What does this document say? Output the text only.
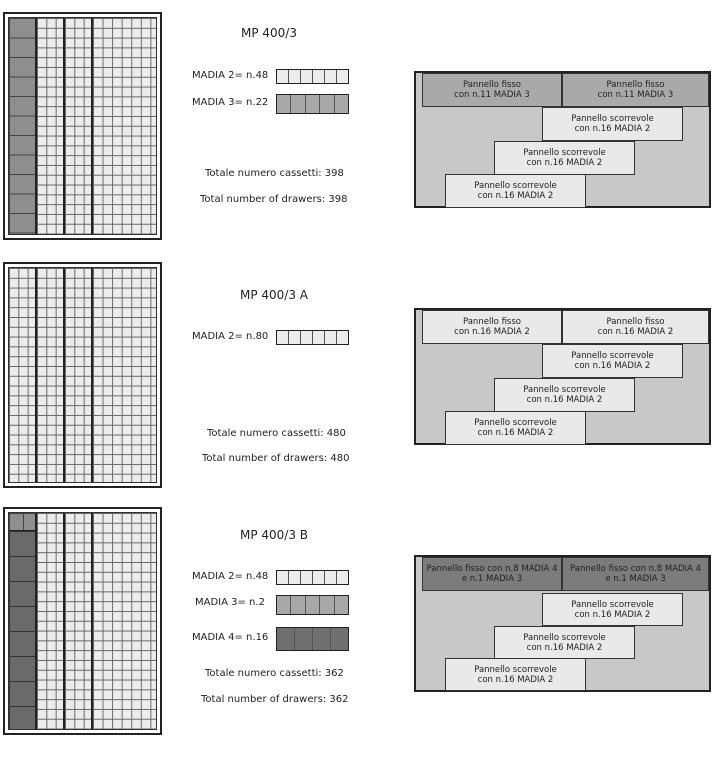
MP 400/3
MADIA 2= n.48
MADIA 3= n.22
Totale numero cassetti: 398
Total number of drawers: 398
Pannello fisso
con n.11 MADIA 3
Pannello fisso
con n.11 MADIA 3
Pannello scorrevole
con n.16 MADIA 2
Pannello scorrevole
con n.16 MADIA 2
Pannello scorrevole
con n.16 MADIA 2
MP 400/3 A
MADIA 2= n.80
Totale numero cassetti: 480
Total number of drawers: 480
Pannello fisso
con n.16 MADIA 2
Pannello fisso
con n.16 MADIA 2
Pannello scorrevole
con n.16 MADIA 2
Pannello scorrevole
con n.16 MADIA 2
Pannello scorrevole
con n.16 MADIA 2
MP 400/3 B
MADIA 2= n.48
MADIA 3= n.2
MADIA 4= n.16
Totale numero cassetti: 362
Total number of drawers: 362
Pannello fisso con n.8 MADIA 4
e n.1 MADIA 3
Pannello fisso con n.8 MADIA 4
e n.1 MADIA 3
Pannello scorrevole
con n.16 MADIA 2
Pannello scorrevole
con n.16 MADIA 2
Pannello scorrevole
con n.16 MADIA 2
